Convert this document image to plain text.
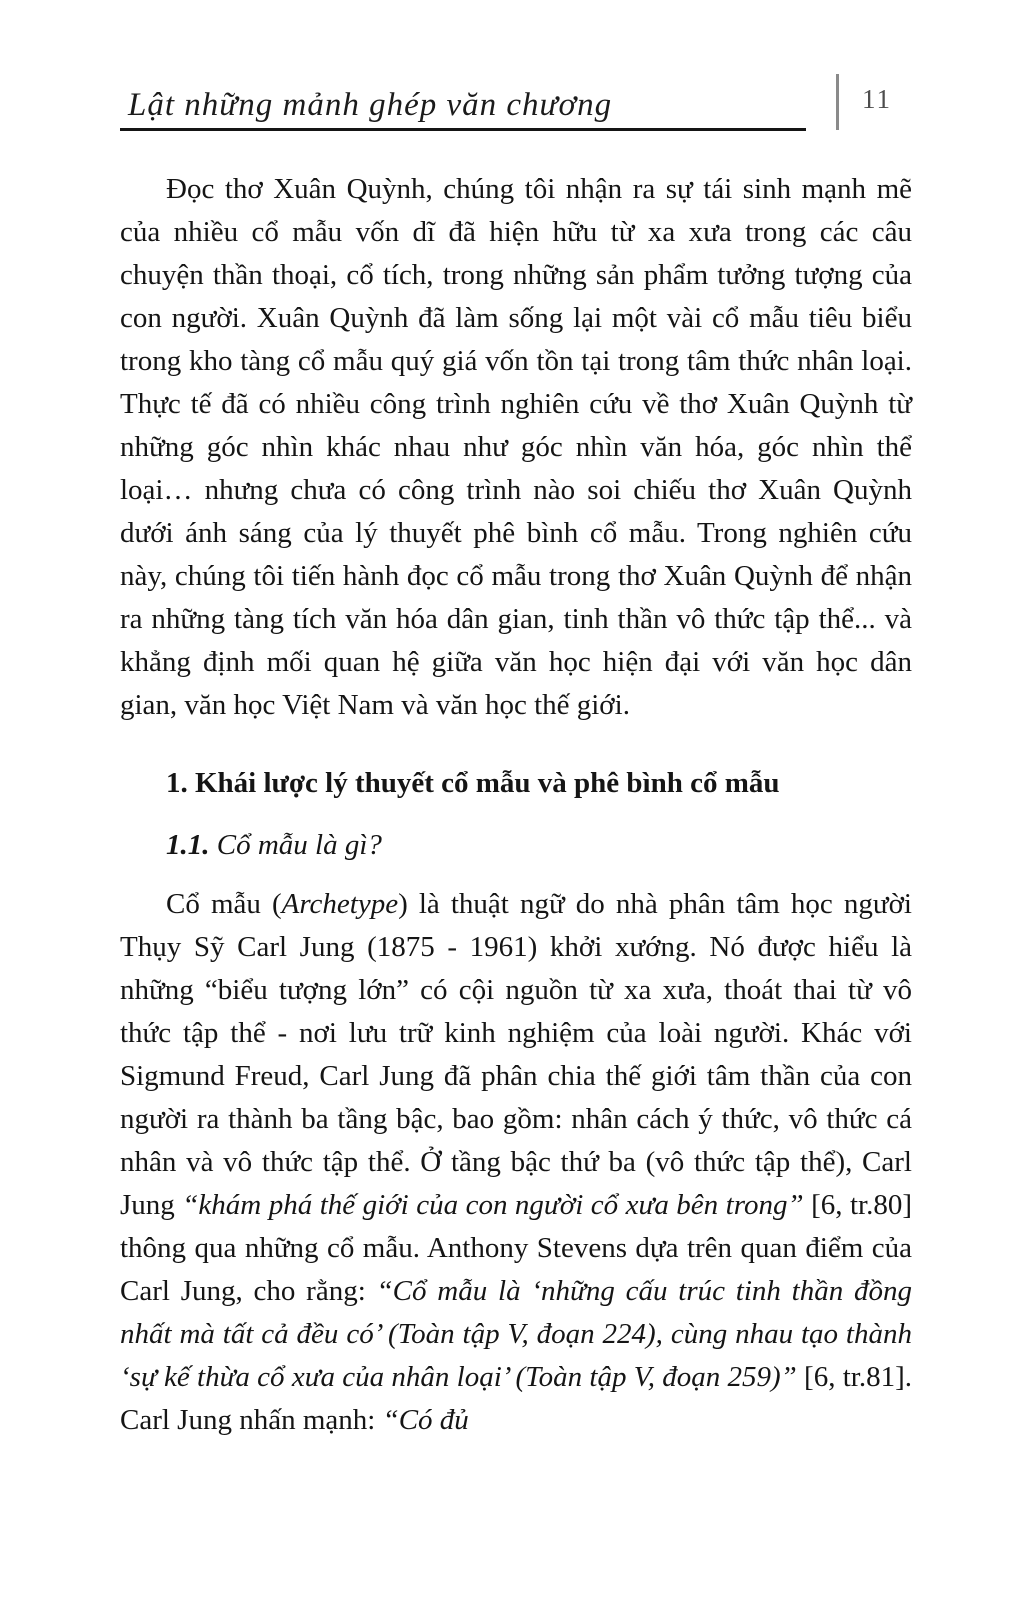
Lật những mảnh ghép văn chương	11

Đọc thơ Xuân Quỳnh, chúng tôi nhận ra sự tái sinh mạnh mẽ của nhiều cổ mẫu vốn dĩ đã hiện hữu từ xa xưa trong các câu chuyện thần thoại, cổ tích, trong những sản phẩm tưởng tượng của con người. Xuân Quỳnh đã làm sống lại một vài cổ mẫu tiêu biểu trong kho tàng cổ mẫu quý giá vốn tồn tại trong tâm thức nhân loại. Thực tế đã có nhiều công trình nghiên cứu về thơ Xuân Quỳnh từ những góc nhìn khác nhau như góc nhìn văn hóa, góc nhìn thể loại… nhưng chưa có công trình nào soi chiếu thơ Xuân Quỳnh dưới ánh sáng của lý thuyết phê bình cổ mẫu. Trong nghiên cứu này, chúng tôi tiến hành đọc cổ mẫu trong thơ Xuân Quỳnh để nhận ra những tàng tích văn hóa dân gian, tinh thần vô thức tập thể... và khẳng định mối quan hệ giữa văn học hiện đại với văn học dân gian, văn học Việt Nam và văn học thế giới.

1. Khái lược lý thuyết cổ mẫu và phê bình cổ mẫu

1.1. Cổ mẫu là gì?

Cổ mẫu (Archetype) là thuật ngữ do nhà phân tâm học người Thụy Sỹ Carl Jung (1875 - 1961) khởi xướng. Nó được hiểu là những “biểu tượng lớn” có cội nguồn từ xa xưa, thoát thai từ vô thức tập thể - nơi lưu trữ kinh nghiệm của loài người. Khác với Sigmund Freud, Carl Jung đã phân chia thế giới tâm thần của con người ra thành ba tầng bậc, bao gồm: nhân cách ý thức, vô thức cá nhân và vô thức tập thể. Ở tầng bậc thứ ba (vô thức tập thể), Carl Jung “khám phá thế giới của con người cổ xưa bên trong” [6, tr.80] thông qua những cổ mẫu. Anthony Stevens dựa trên quan điểm của Carl Jung, cho rằng: “Cổ mẫu là ‘những cấu trúc tinh thần đồng nhất mà tất cả đều có’ (Toàn tập V, đoạn 224), cùng nhau tạo thành ‘sự kế thừa cổ xưa của nhân loại’ (Toàn tập V, đoạn 259)” [6, tr.81]. Carl Jung nhấn mạnh: “Có đủ
